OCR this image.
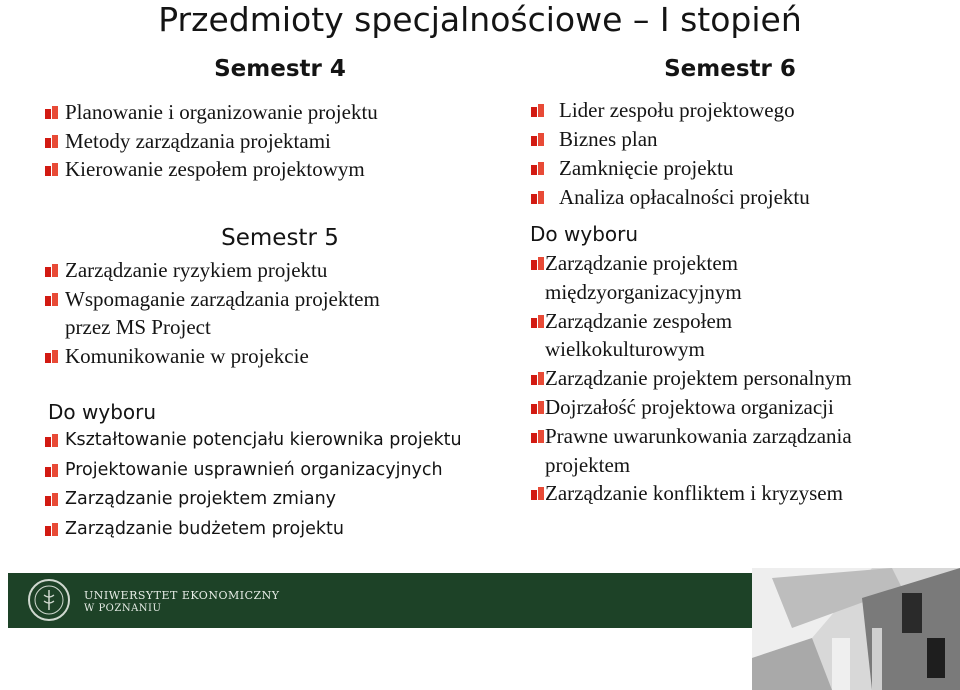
Przedmioty specjalnościowe – I stopień
Semestr 4
Planowanie i organizowanie projektu
Metody zarządzania projektami
Kierowanie zespołem projektowym
Semestr 5
Zarządzanie ryzykiem projektu
Wspomaganie zarządzania projektem
przez MS Project
Komunikowanie w projekcie
Do wyboru
Kształtowanie potencjału kierownika projektu
Projektowanie usprawnień organizacyjnych
Zarządzanie projektem zmiany
Zarządzanie budżetem projektu
Semestr 6
Lider zespołu projektowego
Biznes plan
Zamknięcie projektu
Analiza opłacalności projektu
Do wyboru
Zarządzanie projektem
międzyorganizacyjnym
Zarządzanie zespołem
wielkokulturowym
Zarządzanie projektem personalnym
Dojrzałość projektowa organizacji
Prawne uwarunkowania zarządzania
projektem
Zarządzanie konfliktem i kryzysem
UNIWERSYTET EKONOMICZNY
W POZNANIU
